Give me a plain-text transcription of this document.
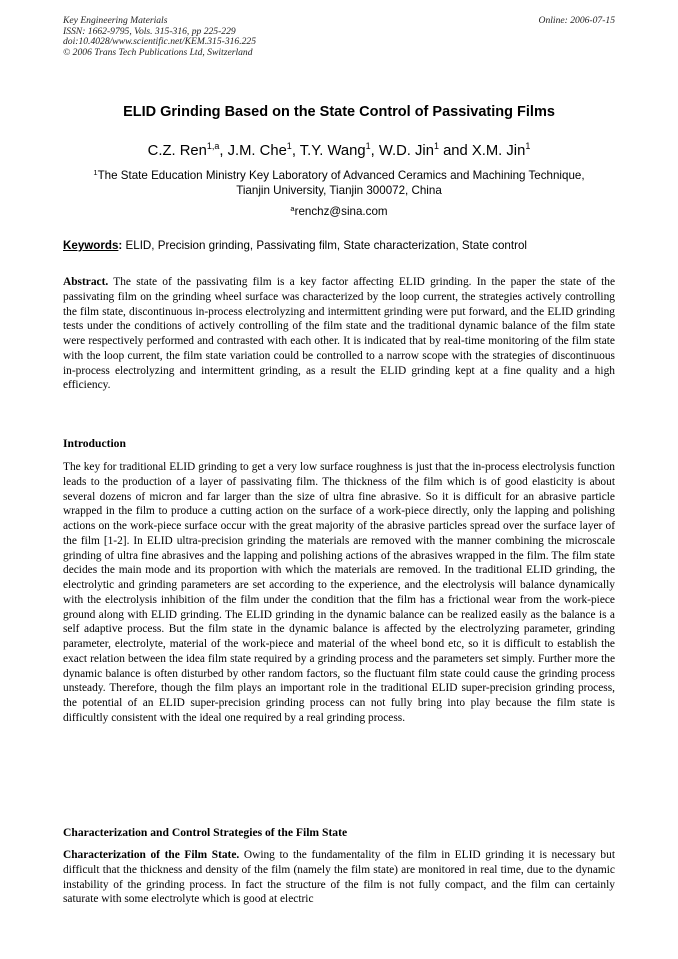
Key Engineering Materials
ISSN: 1662-9795, Vols. 315-316, pp 225-229
doi:10.4028/www.scientific.net/KEM.315-316.225
© 2006 Trans Tech Publications Ltd, Switzerland
Online: 2006-07-15
ELID Grinding Based on the State Control of Passivating Films
C.Z. Ren$^{1,a}$, J.M. Che$^1$, T.Y. Wang$^1$, W.D. Jin$^1$ and X.M. Jin$^1$
$^1$The State Education Ministry Key Laboratory of Advanced Ceramics and Machining Technique,
Tianjin University, Tianjin 300072, China
$^a$renchz@sina.com
Keywords: ELID, Precision grinding, Passivating film, State characterization, State control
Abstract. The state of the passivating film is a key factor affecting ELID grinding. In the paper the state of the passivating film on the grinding wheel surface was characterized by the loop current, the strategies actively controlling the film state, discontinuous in-process electrolyzing and intermittent grinding were put forward, and the ELID grinding tests under the conditions of actively controlling of the film state and the traditional dynamic balance of the film state were respectively performed and contrasted with each other. It is indicated that by real-time monitoring of the film state with the loop current, the film state variation could be controlled to a narrow scope with the strategies of discontinuous in-process electrolyzing and intermittent grinding, as a result the ELID grinding kept at a fine quality and a high efficiency.
Introduction
The key for traditional ELID grinding to get a very low surface roughness is just that the in-process electrolysis function leads to the production of a layer of passivating film. The thickness of the film which is of good elasticity is about several dozens of micron and far larger than the size of ultra fine abrasive. So it is difficult for an abrasive particle wrapped in the film to produce a cutting action on the surface of a work-piece directly, only the lapping and polishing actions on the work-piece surface occur with the great majority of the abrasive particles spread over the surface layer of the film [1-2]. In ELID ultra-precision grinding the materials are removed with the manner combining the microscale grinding of ultra fine abrasives and the lapping and polishing actions of the abrasives wrapped in the film. The film state decides the main mode and its proportion with which the materials are removed. In the traditional ELID grinding, the electrolytic and grinding parameters are set according to the experience, and the electrolysis will balance dynamically with the electrolysis inhibition of the film under the condition that the film has a frictional wear from the work-piece ground along with ELID grinding. The ELID grinding in the dynamic balance can be realized easily as the balance is a self adaptive process. But the film state in the dynamic balance is affected by the electrolyzing parameter, grinding parameter, electrolyte, material of the work-piece and material of the wheel bond etc, so it is difficult to establish the exact relation between the idea film state required by a grinding process and the parameters set simply. Further more the dynamic balance is often disturbed by other random factors, so the fluctuant film state could cause the grinding process unsteady. Therefore, though the film plays an important role in the traditional ELID super-precision grinding process, the potential of an ELID super-precision grinding process can not fully bring into play because the film state is difficultly consistent with the ideal one required by a real grinding process.
Characterization and Control Strategies of the Film State
Characterization of the Film State. Owing to the fundamentality of the film in ELID grinding it is necessary but difficult that the thickness and density of the film (namely the film state) are monitored in real time, due to the dynamic instability of the grinding process. In fact the structure of the film is not fully compact, and the film can certainly saturate with some electrolyte which is good at electric
